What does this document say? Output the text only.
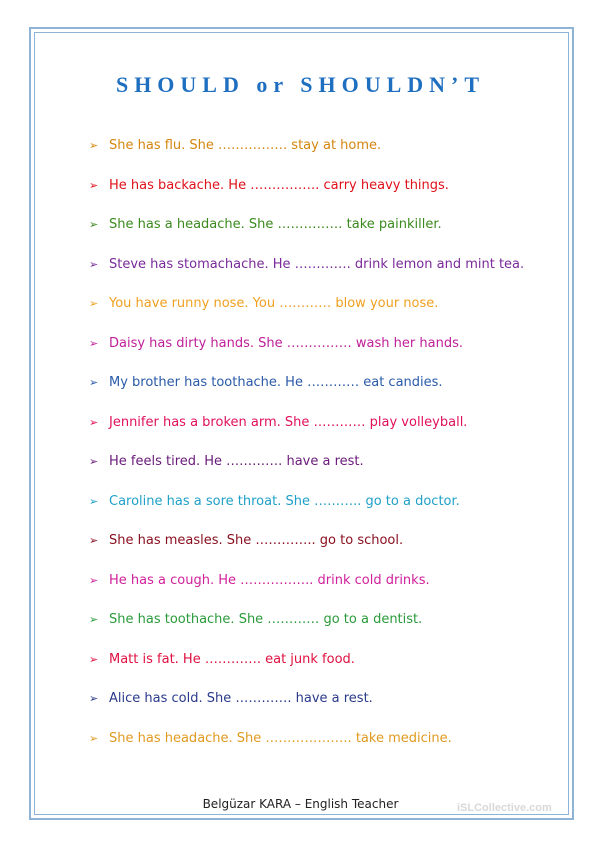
SHOULD or SHOULDN’T
➢ She has flu. She ……………. stay at home.
➢ He has backache. He ……………. carry heavy things.
➢ She has a headache. She …………… take painkiller.
➢ Steve has stomachache. He …………. drink lemon and mint tea.
➢ You have runny nose. You ………… blow your nose.
➢ Daisy has dirty hands. She …………… wash her hands.
➢ My brother has toothache. He ………… eat candies.
➢ Jennifer has a broken arm. She ………… play volleyball.
➢ He feels tired. He …………. have a rest.
➢ Caroline has a sore throat. She ……….. go to a doctor.
➢ She has measles. She ………….. go to school.
➢ He has a cough. He …………….. drink cold drinks.
➢ She has toothache. She ………… go to a dentist.
➢ Matt is fat. He …………. eat junk food.
➢ Alice has cold. She …………. have a rest.
➢ She has headache. She ……………….. take medicine.
Belgüzar KARA – English Teacher	iSLCollective.com
